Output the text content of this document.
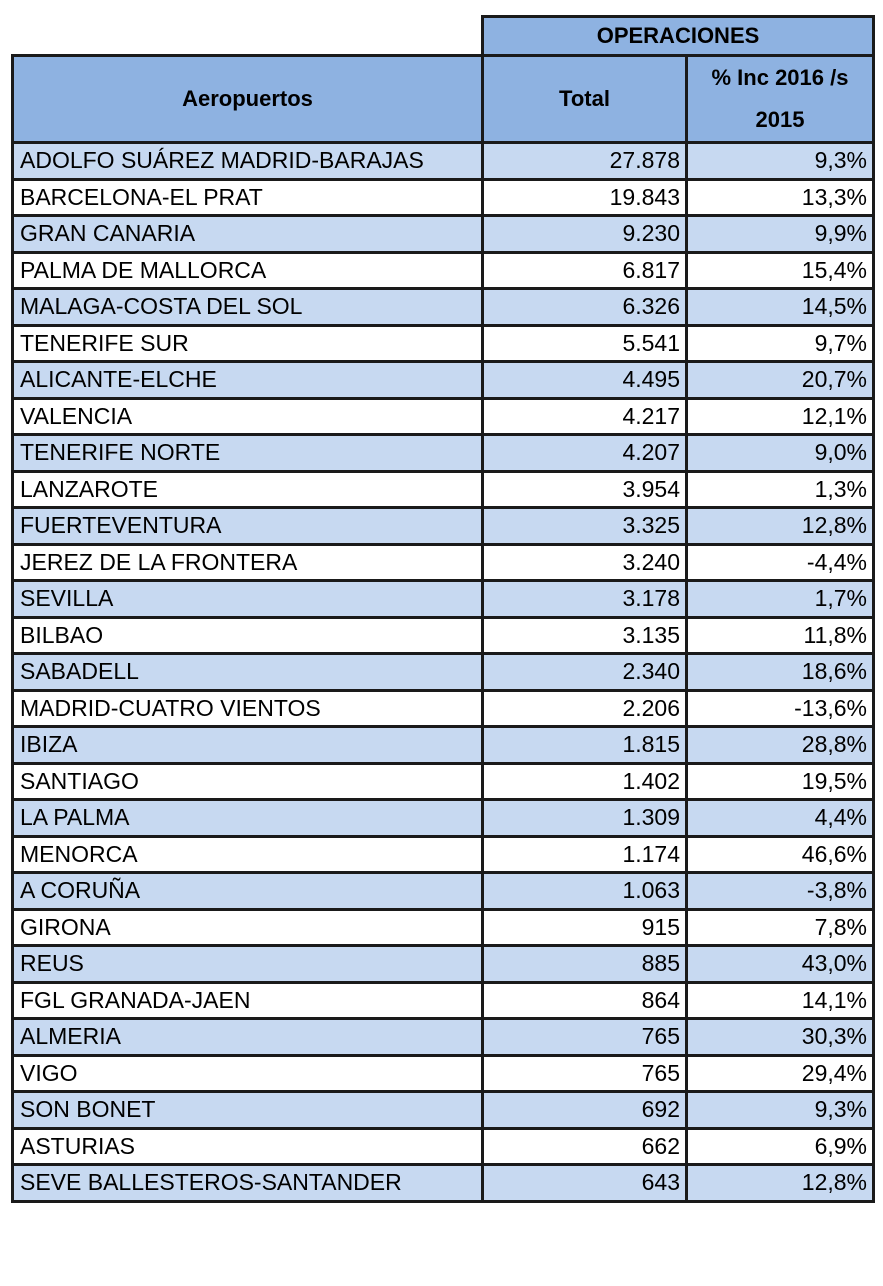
	OPERACIONES	
Aeropuertos	Total	% Inc 2016 /s
2015

ADOLFO SUÁREZ MADRID-BARAJAS	27.878	9,3%
BARCELONA-EL PRAT	19.843	13,3%
GRAN CANARIA	9.230	9,9%
PALMA DE MALLORCA	6.817	15,4%
MALAGA-COSTA DEL SOL	6.326	14,5%
TENERIFE SUR	5.541	9,7%
ALICANTE-ELCHE	4.495	20,7%
VALENCIA	4.217	12,1%
TENERIFE NORTE	4.207	9,0%
LANZAROTE	3.954	1,3%
FUERTEVENTURA	3.325	12,8%
JEREZ DE LA FRONTERA	3.240	-4,4%
SEVILLA	3.178	1,7%
BILBAO	3.135	11,8%
SABADELL	2.340	18,6%
MADRID-CUATRO VIENTOS	2.206	-13,6%
IBIZA	1.815	28,8%
SANTIAGO	1.402	19,5%
LA PALMA	1.309	4,4%
MENORCA	1.174	46,6%
A CORUÑA	1.063	-3,8%
GIRONA	915	7,8%
REUS	885	43,0%
FGL GRANADA-JAEN	864	14,1%
ALMERIA	765	30,3%
VIGO	765	29,4%
SON BONET	692	9,3%
ASTURIAS	662	6,9%
SEVE BALLESTEROS-SANTANDER	643	12,8%
